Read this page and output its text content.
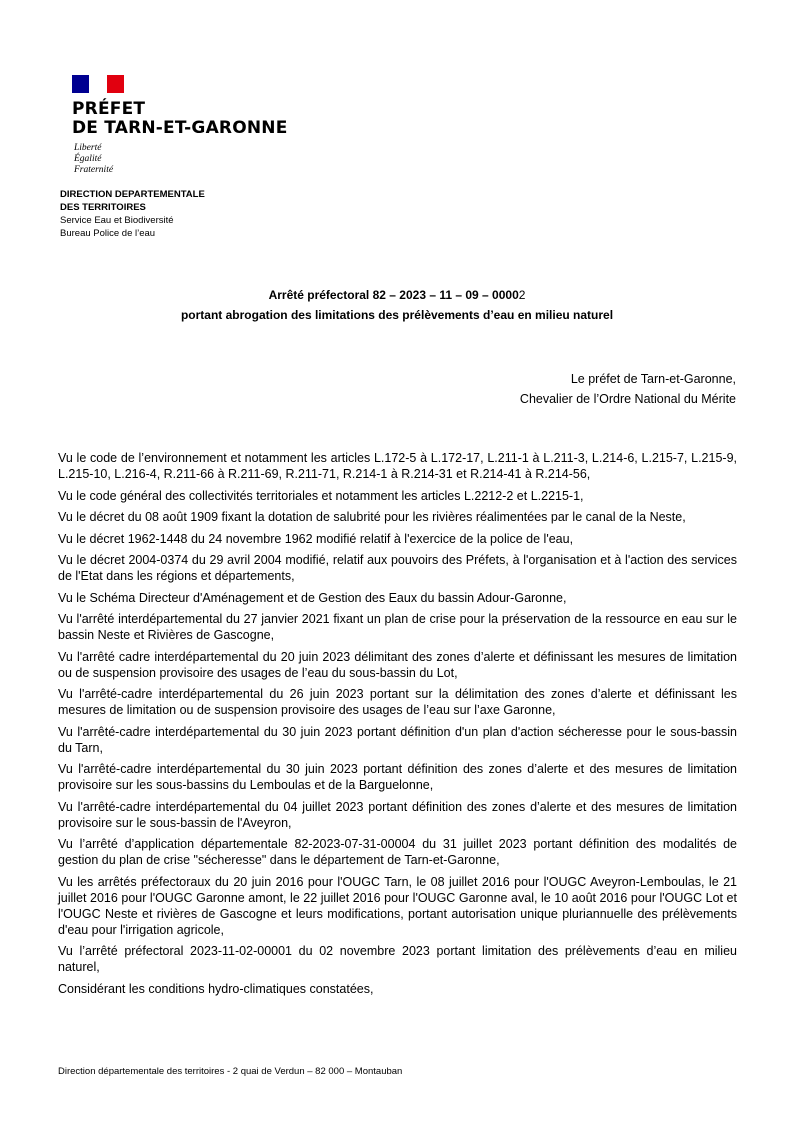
PRÉFET
DE TARN-ET-GARONNE
Liberté
Égalité
Fraternité
DIRECTION DEPARTEMENTALE
DES TERRITOIRES
Service Eau et Biodiversité
Bureau Police de l’eau
Arrêté préfectoral 82 – 2023 – 11 – 09 – 00002
portant abrogation des limitations des prélèvements d’eau en milieu naturel
Le préfet de Tarn-et-Garonne,
Chevalier de l’Ordre National du Mérite

Vu le code de l’environnement et notamment les articles L.172-5 à L.172-17, L.211-1 à L.211-3, L.214-6, L.215-7, L.215-9, L.215-10, L.216-4, R.211-66 à R.211-69, R.211-71, R.214-1 à R.214-31 et R.214-41 à R.214-56,

Vu le code général des collectivités territoriales et notamment les articles L.2212-2 et L.2215-1,

Vu le décret du 08 août 1909 fixant la dotation de salubrité pour les rivières réalimentées par le canal de la Neste,

Vu le décret 1962-1448 du 24 novembre 1962 modifié relatif à l'exercice de la police de l'eau,

Vu le décret 2004-0374 du 29 avril 2004 modifié, relatif aux pouvoirs des Préfets, à l'organisation et à l'action des services de l'Etat dans les régions et départements,

Vu le Schéma Directeur d'Aménagement et de Gestion des Eaux du bassin Adour-Garonne,

Vu l'arrêté interdépartemental du 27 janvier 2021 fixant un plan de crise pour la préservation de la ressource en eau sur le bassin Neste et Rivières de Gascogne,

Vu l'arrêté cadre interdépartemental du 20 juin 2023 délimitant des zones d’alerte et définissant les mesures de limitation ou de suspension provisoire des usages de l’eau du sous-bassin du Lot,

Vu l'arrêté-cadre interdépartemental du 26 juin 2023 portant sur la délimitation des zones d’alerte et définissant les mesures de limitation ou de suspension provisoire des usages de l’eau sur l’axe Garonne,

Vu l'arrêté-cadre interdépartemental du 30 juin 2023 portant définition d'un plan d'action sécheresse pour le sous-bassin du Tarn,

Vu l'arrêté-cadre interdépartemental du 30 juin 2023 portant définition des zones d’alerte et des mesures de limitation provisoire sur les sous-bassins du Lemboulas et de la Barguelonne,

Vu l'arrêté-cadre interdépartemental du 04 juillet 2023 portant définition des zones d’alerte et des mesures de limitation provisoire sur le sous-bassin de l'Aveyron,

Vu l’arrêté d’application départementale 82-2023-07-31-00004 du 31 juillet 2023 portant définition des modalités de gestion du plan de crise "sécheresse" dans le département de Tarn-et-Garonne,

Vu les arrêtés préfectoraux du 20 juin 2016 pour l'OUGC Tarn, le 08 juillet 2016 pour l'OUGC Aveyron-Lemboulas, le 21 juillet 2016 pour l'OUGC Garonne amont, le 22 juillet 2016 pour l'OUGC Garonne aval, le 10 août 2016 pour l'OUGC Lot et l'OUGC Neste et rivières de Gascogne et leurs modifications, portant autorisation unique pluriannuelle des prélèvements d'eau pour l'irrigation agricole,

Vu l’arrêté préfectoral 2023-11-02-00001 du 02 novembre 2023 portant limitation des prélèvements d’eau en milieu naturel,

Considérant les conditions hydro-climatiques constatées,

Direction départementale des territoires - 2 quai de Verdun – 82 000 – Montauban
